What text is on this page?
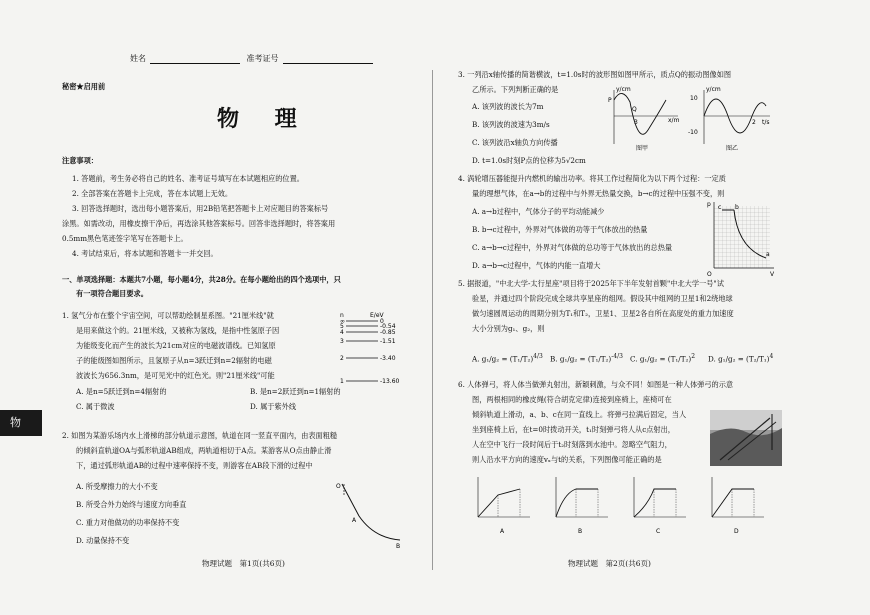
物
姓名	准考证号
秘密★启用前
物 理
注意事项：
1. 答题前，考生务必将自己的姓名、准考证号填写在本试题相应的位置。
2. 全部答案在答题卡上完成，答在本试题上无效。
3. 回答选择题时，选出每小题答案后，用2B铅笔把答题卡上对应题目的答案标号
涂黑。如需改动，用橡皮擦干净后，再选涂其他答案标号。回答非选择题时，将答案用
0.5mm黑色笔迹签字笔写在答题卡上。
4. 考试结束后，将本试题和答题卡一并交回。
一、单项选择题：本题共7小题，每小题4分，共28分。在每小题给出的四个选项中，只
有一项符合题目要求。
1. 氢气分布在整个宇宙空间，可以帮助绘制星系图。"21厘米线"就
是用来做这个的。21厘米线，又被称为氢线，是指中性氢原子因
为能级变化而产生的波长为21cm对应的电磁波谱线。已知氢原
子的能级图如图所示，且氢原子从n=3跃迁到n=2辐射的电磁
波波长为656.3nm，是可见光中的红色光。则"21厘米线"可能
A. 是n=5跃迁到n=4辐射的	B. 是n=2跃迁到n=1辐射的
C. 属于微波	D. 属于紫外线
n	E/eV
∞	0
5	-0.54
4	-0.85
3	-1.51
2	-3.40
1	-13.60
2. 如图为某游乐场内水上滑梯的部分轨道示意图，轨道在同一竖直平面内，由表面粗糙
的倾斜直轨道OA与弧形轨道AB组成，两轨道相切于A点。某游客从O点由静止滑
下，通过弧形轨道AB的过程中速率保持不变，则游客在AB段下滑的过程中
A. 所受摩擦力的大小不变
B. 所受合外力始终与速度方向垂直
C. 重力对他做功的功率保持不变
D. 动量保持不变
O
A
B
物理试题　第1页(共6页)
3. 一列沿x轴传播的简谐横波，t=1.0s时的波形图如图甲所示，质点Q的振动图像如图
乙所示。下列判断正确的是
A. 该列波的波长为7m
B. 该列波的波速为3m/s
C. 该列波沿x轴负方向传播
D. t=1.0s时刻P点的位移为5√2cm
y/cm
x/m
P
Q
3
图甲
y/cm
t/s
10
-10
2
图乙
4. 涡轮增压器能提升内燃机的输出功率。将其工作过程简化为以下两个过程：一定质
量的理想气体，在a→b的过程中与外界无热量交换，b→c的过程中压强不变，则
A. a→b过程中，气体分子的平均动能减少
B. b→c过程中，外界对气体做的功等于气体放出的热量
C. a→b→c过程中，外界对气体做的总功等于气体放出的总热量
D. a→b→c过程中，气体的内能一直增大
p
V
O
c b
a
5. 据报道，"中北大学-太行星座"项目将于2025年下半年发射首颗"中北大学一号"试
验星，并通过四个阶段完成全球共享星座的组网。假设其中组网的卫星1和2绕地球
做匀速圆周运动的周期分别为T₁和T₂，卫星1、卫星2各自所在高度处的重力加速度
大小分别为g₁、g₂，则
A. $g_1/g_2 = (T_1/T_2)^{4/3}$ B. $g_1/g_2 = (T_1/T_2)^{-4/3}$ C. $g_1/g_2 = (T_1/T_2)^2$ D. $g_1/g_2 = (T_2/T_1)^4$
6. 人体弹弓，将人体当做弹丸射出，新颖刺激，与众不同！如图是一种人体弹弓的示意
图，两根相同的橡皮绳(符合胡克定律)连接到座椅上，座椅可在
倾斜轨道上滑动，a、b、c在同一直线上。将弹弓拉满后固定，当人
坐到座椅上后，在t=0时拨动开关，t₁时刻弹弓将人从c点射出，
人在空中飞行一段时间后于t₂时刻落到水池中。忽略空气阻力，
则人沿水平方向的速度vₓ与t的关系，下列图像可能正确的是
A	B	C	D
物理试题　第2页(共6页)
